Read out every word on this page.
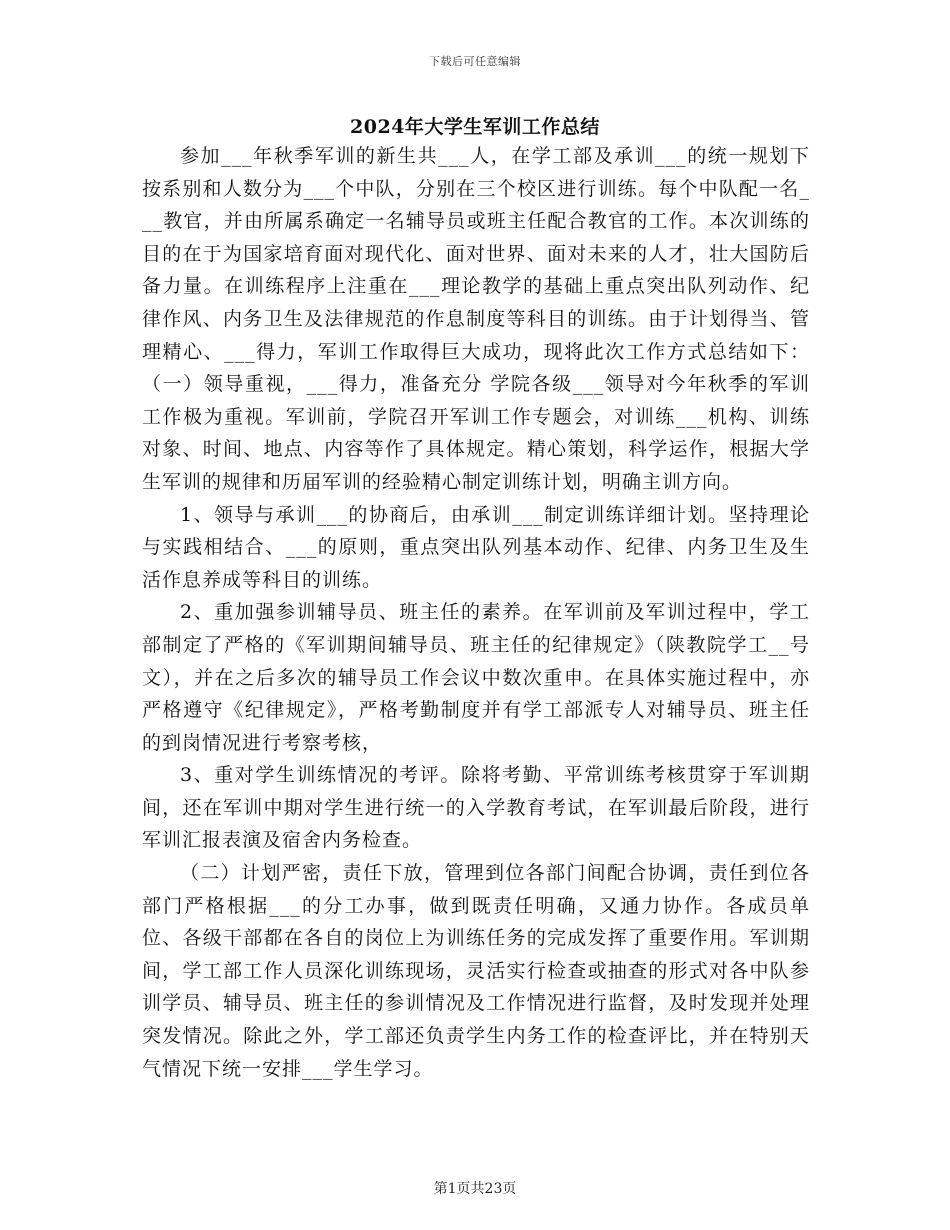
下载后可任意编辑
2024年大学生军训工作总结

参加___年秋季军训的新生共___人，在学工部及承训___的统一规划下按系别和人数分为___个中队，分别在三个校区进行训练。每个中队配一名___教官，并由所属系确定一名辅导员或班主任配合教官的工作。本次训练的目的在于为国家培育面对现代化、面对世界、面对未来的人才，壮大国防后备力量。在训练程序上注重在___理论教学的基础上重点突出队列动作、纪律作风、内务卫生及法律规范的作息制度等科目的训练。由于计划得当、管理精心、___得力，军训工作取得巨大成功，现将此次工作方式总结如下：（一）领导重视，___得力，准备充分 学院各级___领导对今年秋季的军训工作极为重视。军训前，学院召开军训工作专题会，对训练___机构、训练对象、时间、地点、内容等作了具体规定。精心策划，科学运作，根据大学生军训的规律和历届军训的经验精心制定训练计划，明确主训方向。

1、领导与承训___的协商后，由承训___制定训练详细计划。坚持理论与实践相结合、___的原则，重点突出队列基本动作、纪律、内务卫生及生活作息养成等科目的训练。

2、重加强参训辅导员、班主任的素养。在军训前及军训过程中，学工部制定了严格的《军训期间辅导员、班主任的纪律规定》（陕教院学工__号文），并在之后多次的辅导员工作会议中数次重申。在具体实施过程中，亦严格遵守《纪律规定》，严格考勤制度并有学工部派专人对辅导员、班主任的到岗情况进行考察考核，

3、重对学生训练情况的考评。除将考勤、平常训练考核贯穿于军训期间，还在军训中期对学生进行统一的入学教育考试，在军训最后阶段，进行军训汇报表演及宿舍内务检查。

（二）计划严密，责任下放，管理到位各部门间配合协调，责任到位各部门严格根据___的分工办事，做到既责任明确，又通力协作。各成员单位、各级干部都在各自的岗位上为训练任务的完成发挥了重要作用。军训期间，学工部工作人员深化训练现场，灵活实行检查或抽查的形式对各中队参训学员、辅导员、班主任的参训情况及工作情况进行监督，及时发现并处理突发情况。除此之外，学工部还负责学生内务工作的检查评比，并在特别天气情况下统一安排___学生学习。

第1页共23页
